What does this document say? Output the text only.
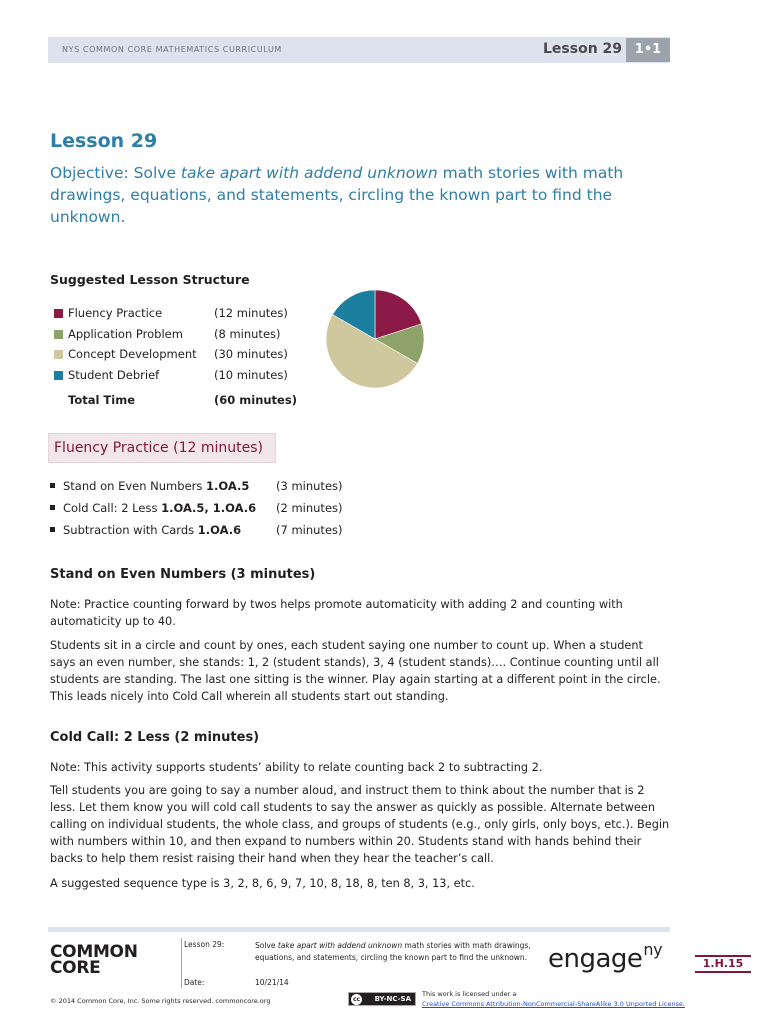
NYS COMMON CORE MATHEMATICS CURRICULUM	Lesson 29 1•1
Lesson 29
Objective: Solve take apart with addend unknown math stories with math drawings, equations, and statements, circling the known part to find the unknown.
Suggested Lesson Structure
Fluency Practice	(12 minutes)
Application Problem	(8 minutes)
Concept Development (30 minutes)
Student Debrief	(10 minutes)
Total Time	(60 minutes)
Fluency Practice (12 minutes)
Stand on Even Numbers 1.OA.5 (3 minutes)
Cold Call: 2 Less 1.OA.5, 1.OA.6 (2 minutes)
Subtraction with Cards 1.OA.6	(7 minutes)
Stand on Even Numbers (3 minutes)
Note: Practice counting forward by twos helps promote automaticity with adding 2 and counting with automaticity up to 40.
Students sit in a circle and count by ones, each student saying one number to count up. When a student says an even number, she stands: 1, 2 (student stands), 3, 4 (student stands)…. Continue counting until all students are standing. The last one sitting is the winner. Play again starting at a different point in the circle. This leads nicely into Cold Call wherein all students start out standing.
Cold Call: 2 Less (2 minutes)
Note: This activity supports students’ ability to relate counting back 2 to subtracting 2.
Tell students you are going to say a number aloud, and instruct them to think about the number that is 2 less. Let them know you will cold call students to say the answer as quickly as possible. Alternate between calling on individual students, the whole class, and groups of students (e.g., only girls, only boys, etc.). Begin with numbers within 10, and then expand to numbers within 20. Students stand with hands behind their backs to help them resist raising their hand when they hear the teacher’s call.
A suggested sequence type is 3, 2, 8, 6, 9, 7, 10, 8, 18, 8, ten 8, 3, 13, etc.
COMMON
CORE
© 2014 Common Core, Inc. Some rights reserved. commoncore.org
Lesson 29:
Date:
Solve take apart with addend unknown math stories with math drawings, equations, and statements, circling the known part to find the unknown.
10/21/14
engage$^{ny}$
1.H.15
cc BY-NC-SA
This work is licensed under a
Creative Commons Attribution-NonCommercial-ShareAlike 3.0 Unported License.
